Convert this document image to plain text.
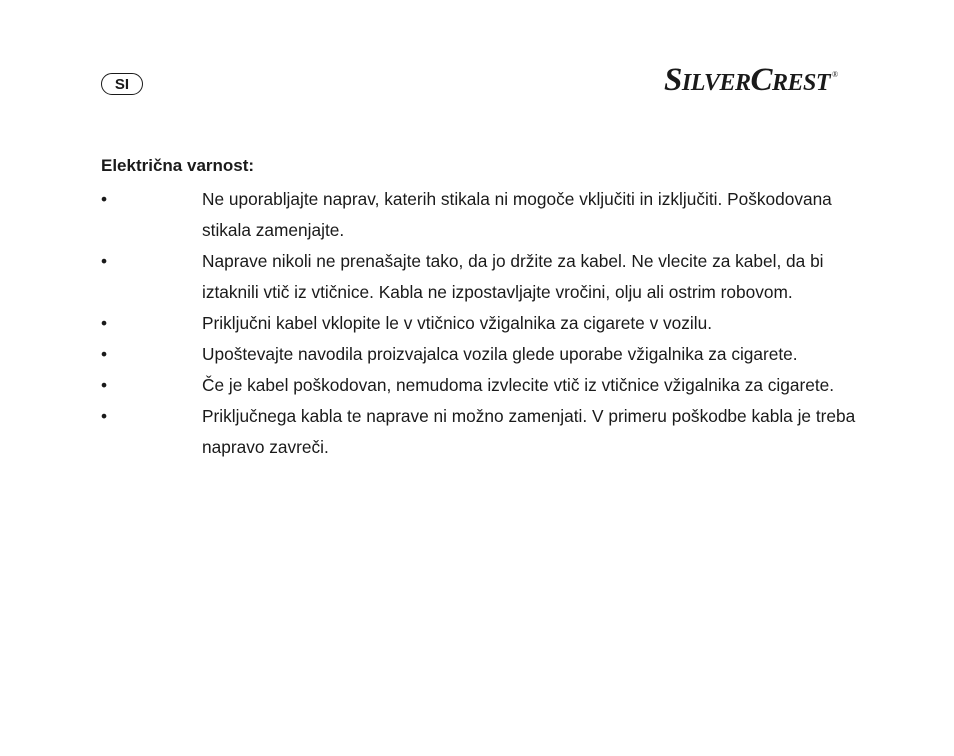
SI	SILVERCREST ®
Električna varnost:
•	Ne uporabljajte naprav, katerih stikala ni mogoče vključiti in izključiti. Poškodovana stikala zamenjajte.
•	Naprave nikoli ne prenašajte tako, da jo držite za kabel. Ne vlecite za kabel, da bi iztaknili vtič iz vtičnice. Kabla ne izpostavljajte vročini, olju ali ostrim robovom.
•	Priključni kabel vklopite le v vtičnico vžigalnika za cigarete v vozilu.
•	Upoštevajte navodila proizvajalca vozila glede uporabe vžigalnika za cigarete.
•	Če je kabel poškodovan, nemudoma izvlecite vtič iz vtičnice vžigalnika za cigarete.
•	Priključnega kabla te naprave ni možno zamenjati. V primeru poškodbe kabla je treba napravo zavreči.
